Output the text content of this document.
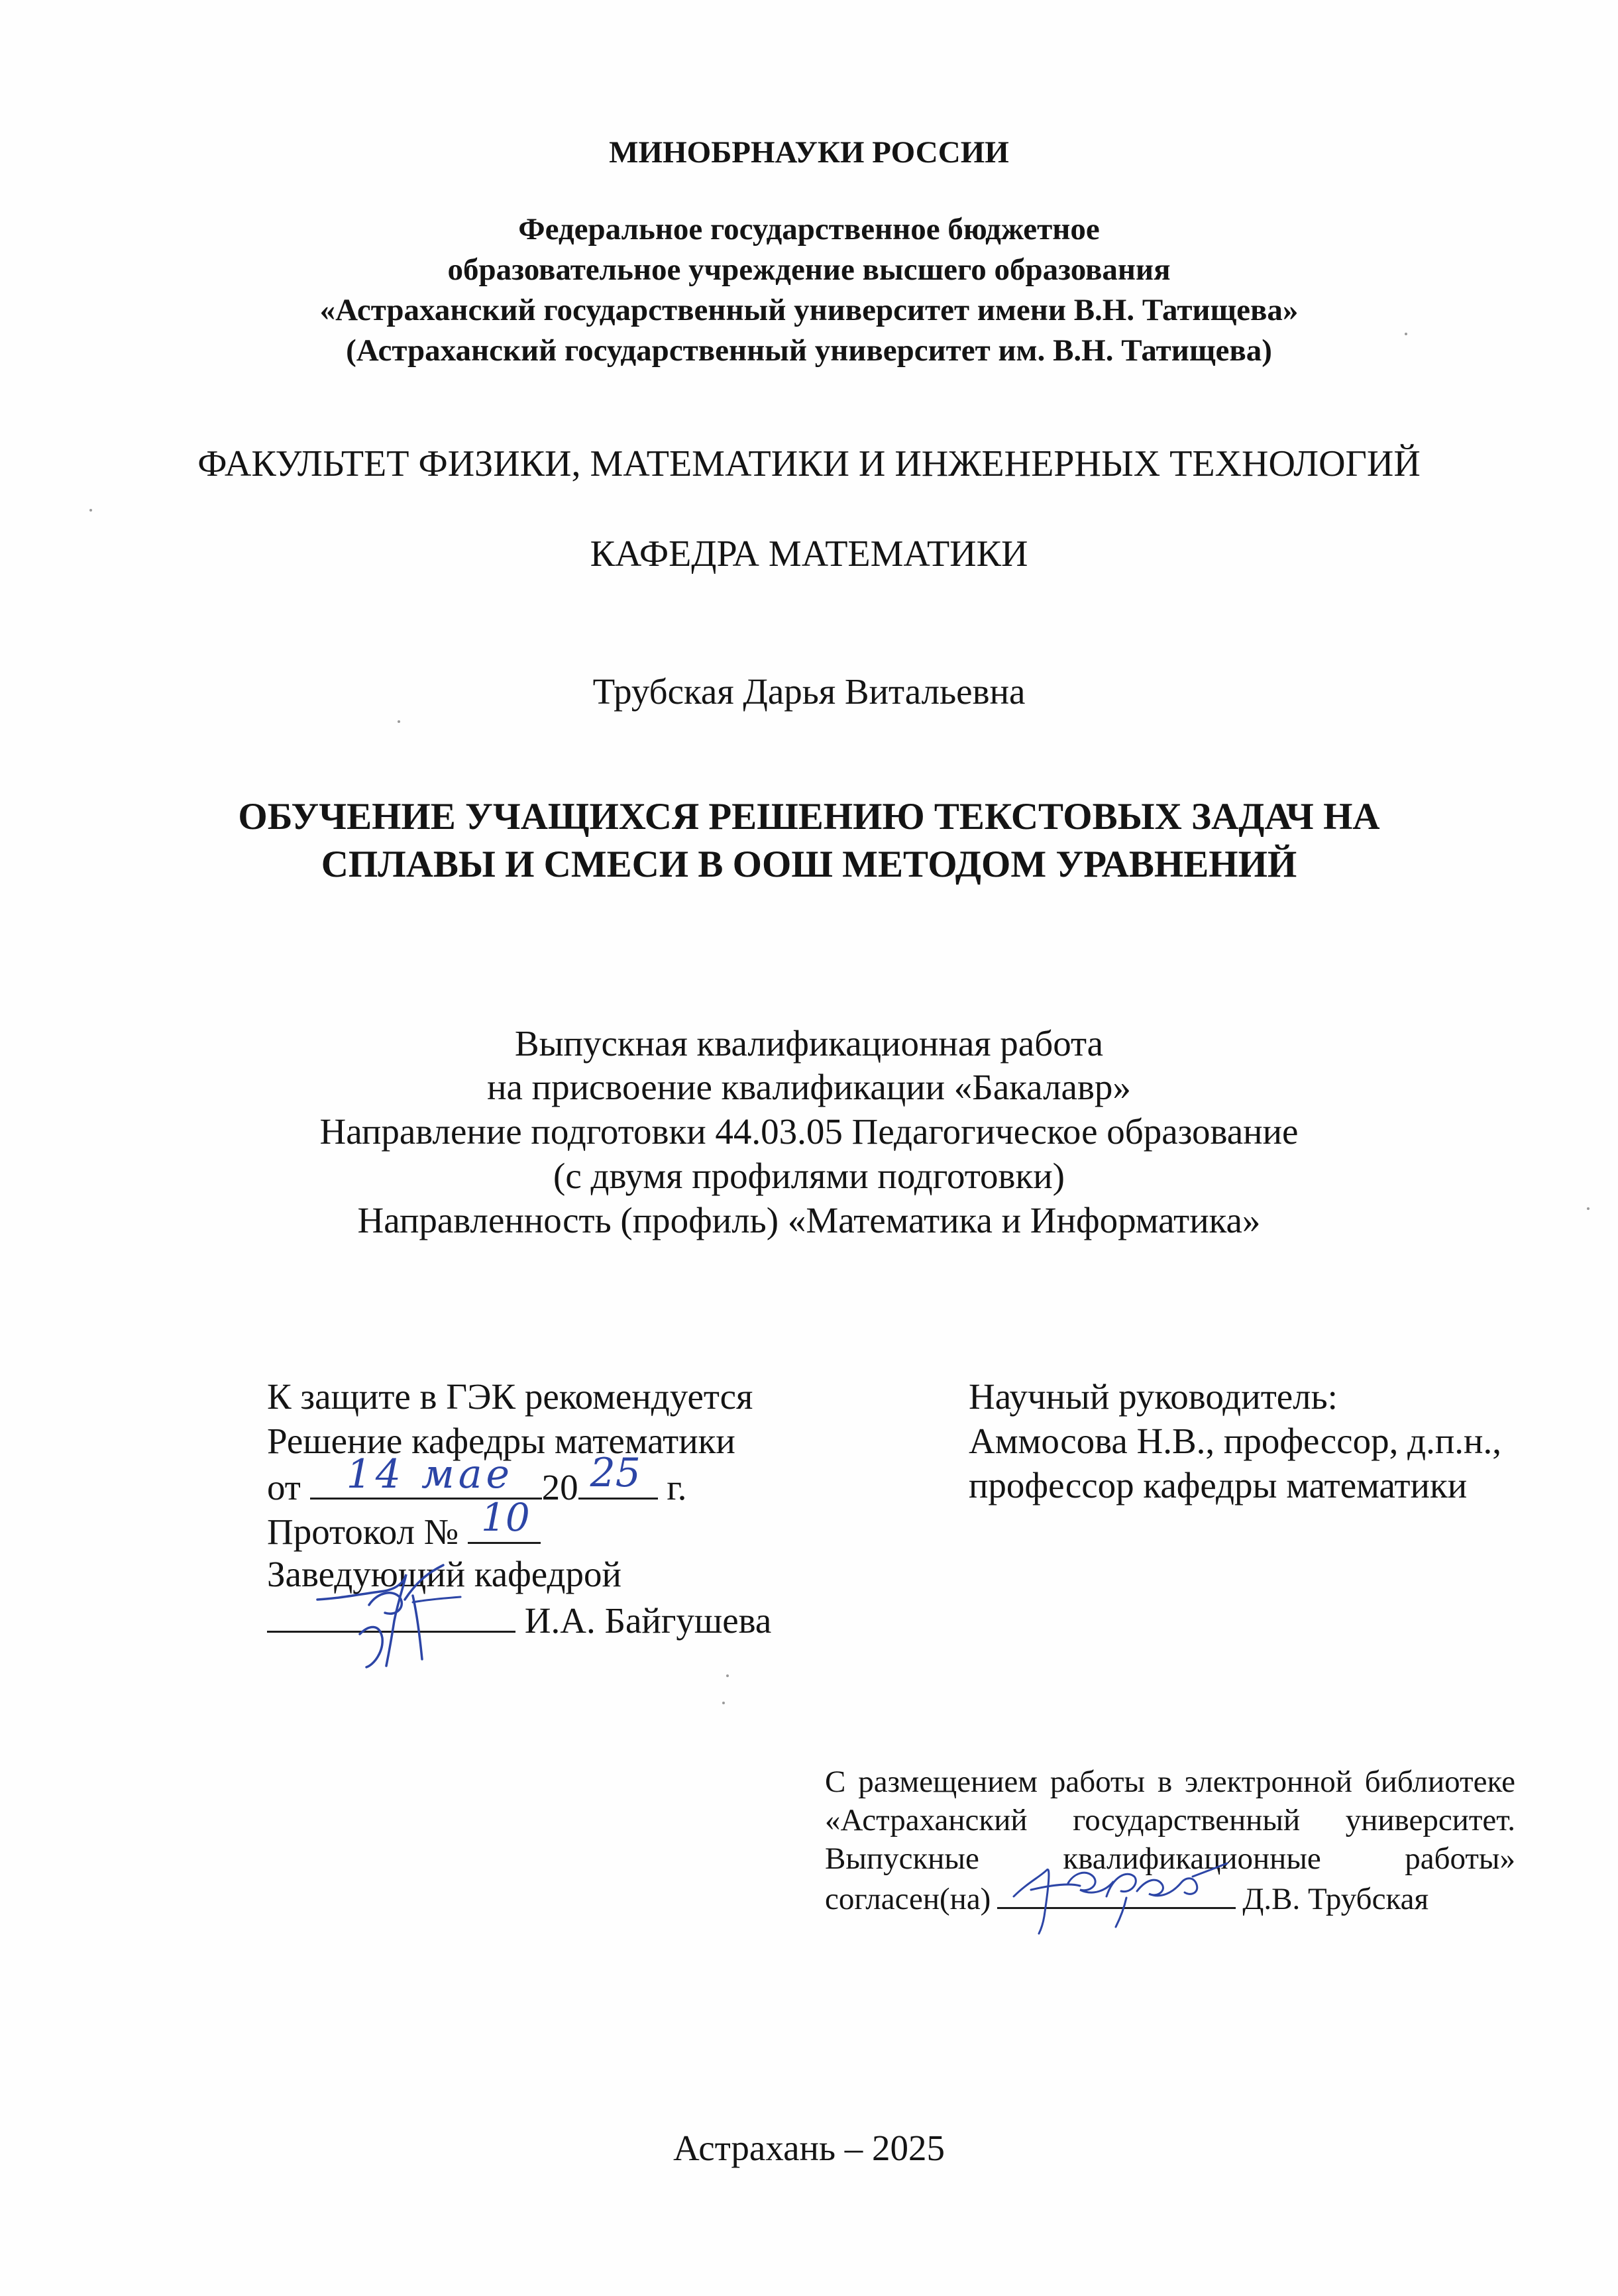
МИНОБРНАУКИ РОССИИ
Федеральное государственное бюджетное
образовательное учреждение высшего образования
«Астраханский государственный университет имени В.Н. Татищева»
(Астраханский государственный университет им. В.Н. Татищева)
ФАКУЛЬТЕТ ФИЗИКИ, МАТЕМАТИКИ И ИНЖЕНЕРНЫХ ТЕХНОЛОГИЙ
КАФЕДРА МАТЕМАТИКИ
Трубская Дарья Витальевна
ОБУЧЕНИЕ УЧАЩИХСЯ РЕШЕНИЮ ТЕКСТОВЫХ ЗАДАЧ НА
СПЛАВЫ И СМЕСИ В ООШ МЕТОДОМ УРАВНЕНИЙ
Выпускная квалификационная работа
на присвоение квалификации «Бакалавр»
Направление подготовки 44.03.05 Педагогическое образование
(с двумя профилями подготовки)
Направленность (профиль) «Математика и Информатика»
К защите в ГЭК рекомендуется
Решение кафедры математики
от 14 мае 20 25 г.
Протокол № 10
Заведующий кафедрой
И.А. Байгушева
Научный руководитель:
Аммосова Н.В., профессор, д.п.н.,
профессор кафедры математики
С размещением работы в электронной библиотеке
«Астраханский государственный университет.
Выпускные	квалификационные	работы»
согласен(на)	Д.В. Трубская
Астрахань – 2025
